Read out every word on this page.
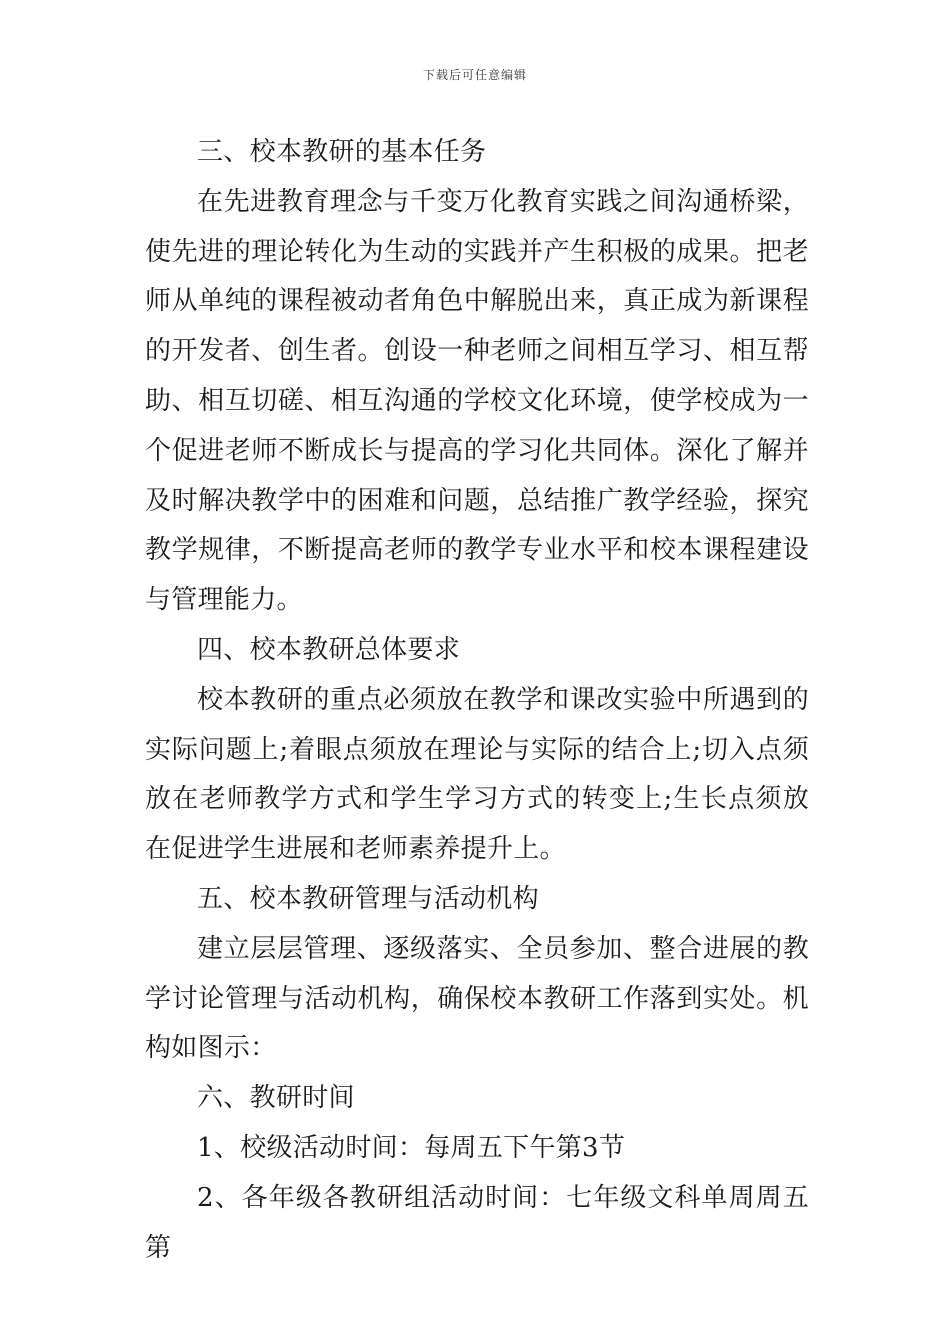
下载后可任意编辑

三、校本教研的基本任务

在先进教育理念与千变万化教育实践之间沟通桥梁，使先进的理论转化为生动的实践并产生积极的成果。把老师从单纯的课程被动者角色中解脱出来，真正成为新课程的开发者、创生者。创设一种老师之间相互学习、相互帮助、相互切磋、相互沟通的学校文化环境，使学校成为一个促进老师不断成长与提高的学习化共同体。深化了解并及时解决教学中的困难和问题，总结推广教学经验，探究教学规律，不断提高老师的教学专业水平和校本课程建设与管理能力。

四、校本教研总体要求

校本教研的重点必须放在教学和课改实验中所遇到的实际问题上;着眼点须放在理论与实际的结合上;切入点须放在老师教学方式和学生学习方式的转变上;生长点须放在促进学生进展和老师素养提升上。

五、校本教研管理与活动机构

建立层层管理、逐级落实、全员参加、整合进展的教学讨论管理与活动机构，确保校本教研工作落到实处。机构如图示：

六、教研时间

1、校级活动时间：每周五下午第3节

2、各年级各教研组活动时间：七年级文科单周周五第
